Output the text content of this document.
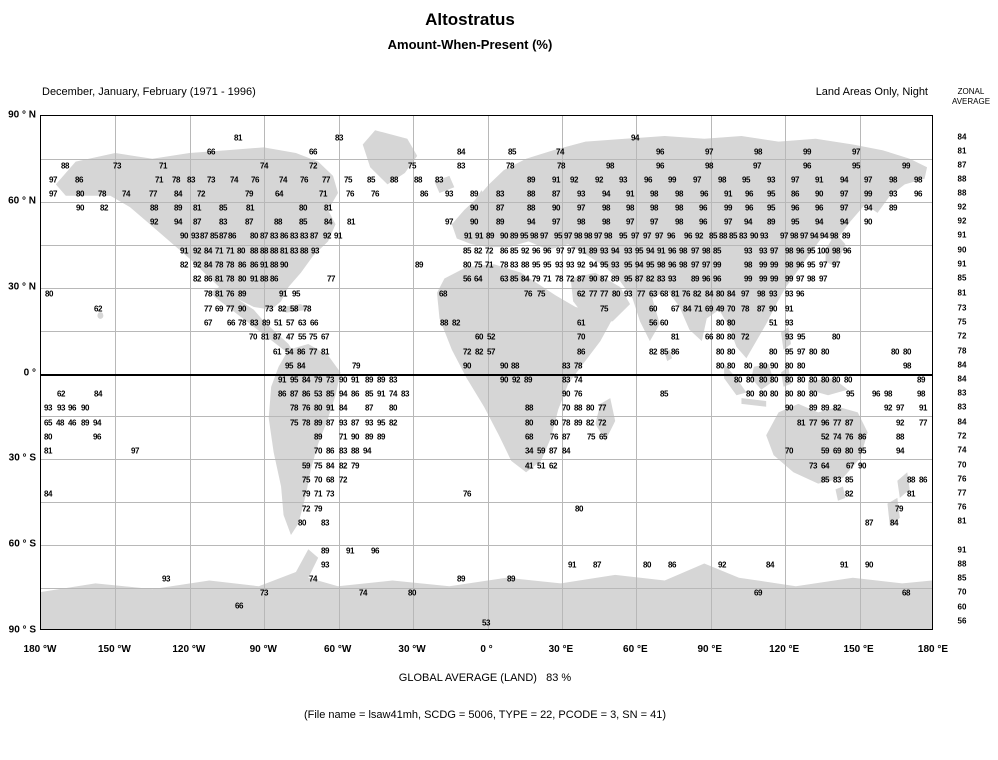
Altostratus
Amount-When-Present (%)
December, January, February (1971 - 1996)	Land Areas Only, Night	ZONAL
AVERAGE
81	83	94
66	66	84	85	74	96	97	98	99	97
88	73	71	74	72	75	83	78	78	98	96	98	97	96	95	99
97 86	71 78 83 73 74 76	74 76 77 75 85 88 88 83	89 91 92 92 93 96 99 97 98 95 93 97 91 94 97 98 98
97 80 78 74 77 84 72	79	64	71 76 76	86 93 89 83	88 87 93 94 91 98 98 96 91 96 95 86 90 97 99 93 96
90 82	88 89 81 85 81	80 81	90 87	88 90 97 98 98 98 98 96 99 96 95 96 96 97 94 89
92 94 87 83 87	88 85 84 81	97 90 89	94 97 98 98 97 97 98 96 97 94 89 95 94 94 90
90 93 87 85 87 86 80 87 83 86 83 83 87 92 91	91 91 89 90 89 95 98 97 95 97 98 98 97 98 95 97 97 97 96 96 92 85 88 85 83 90 93 97 98 97 94 94 98 89
91 92 84 71 71 80 88 88 88 81 83 88 93	85 82 72 86 85 92 96 96 97 97 91 89 93 94 93 95 94 91 96 98 97 98 85	93 93 97 98 96 95 100 98 96
82 92 84 78 78 86 86 91 88 90	89	80 75 71 78 83 88 95 95 93 93 92 94 95 93 95 94 95 98 96 98 97 97 99	98 99 99 98 96 95 97 97
82 86 81 78 80 91 88 86	77	56 64 63 85 84 79 71 78 72 87 90 87 89 95 87 82 83 93 89 96 96	99 99 99 99 97 98 97
80	78 81 76 89	91 95	68	76 75	62 77 77 80 93 77 63 68 81 76 82 84 80 84 97 98 93 93 96
62	77 69 77 90 73 82 58 78	75	60 67 84 71 69 49 70 78 87 90 91
67 66 78 83 89 51 57 63 66	88 82	61	56 60	80 80	51 93
70 81 87 47 55 75 67	60 52	70	81	66 80 80 72	93 95	80
61 54 86 77 81	72 82 57	86	82 85 86	80 80	80 95 97 80 80	80 80
95 84	79	90	90 88	83 78	80 80 80 80 90 80 80	98
91 95 84 79 73 90 91 89 89 83	90 92 89	83 74	80 80 80 80 80 80 80 80 80 80	89
62	84	86 87 86 53 85 94 86 85 91 74 83	90 76	85	80 80 80 80 80 80	95 96 98	98
93 93 96 90	78 76 80 91 84 87 80	88	70 88 80 77	90 89 89 82	92 97 91
65 48 46 89 94	75 78 89 87 93 87 93 95 82	80 80 78 89 82 72	81 77 96 77 87	92 77
80	96	89 71 90 89 89	68 76 87 75 65	52 74 76 86	88
81	97	70 86 83 88 94	34 59 87 84	70	59 69 80 95	94
59 75 84 82 79	41 51 62	73 64 67 90
75 70 68 72	85 83 85	88 86
84	79 71 73	76	82	81
72 79	80	79
80 83	87 84
89 91 96
93	91 87	80 86	92	84	91 90
93	74	89	89
73	74	80	69	68
66
53
90 ° N
60 ° N
30 ° N
0 °
30 ° S
60 ° S
90 ° S
180 °W	150 °W	120 °W	90 °W	60 °W	30 °W	0 °	30 °E	60 °E	90 °E	120 °E	150 °E	180 °E
84
81
87
88
88
92
92
91
90
91
85
81
73
75
72
78
84
84
83
83
84
72
74
70
76
77
76
81
91
88
85
70
60
56
GLOBAL AVERAGE (LAND)   83 %
(File name = lsaw41mh, SCDG = 5006, TYPE = 22, PCODE = 3, SN = 41)
